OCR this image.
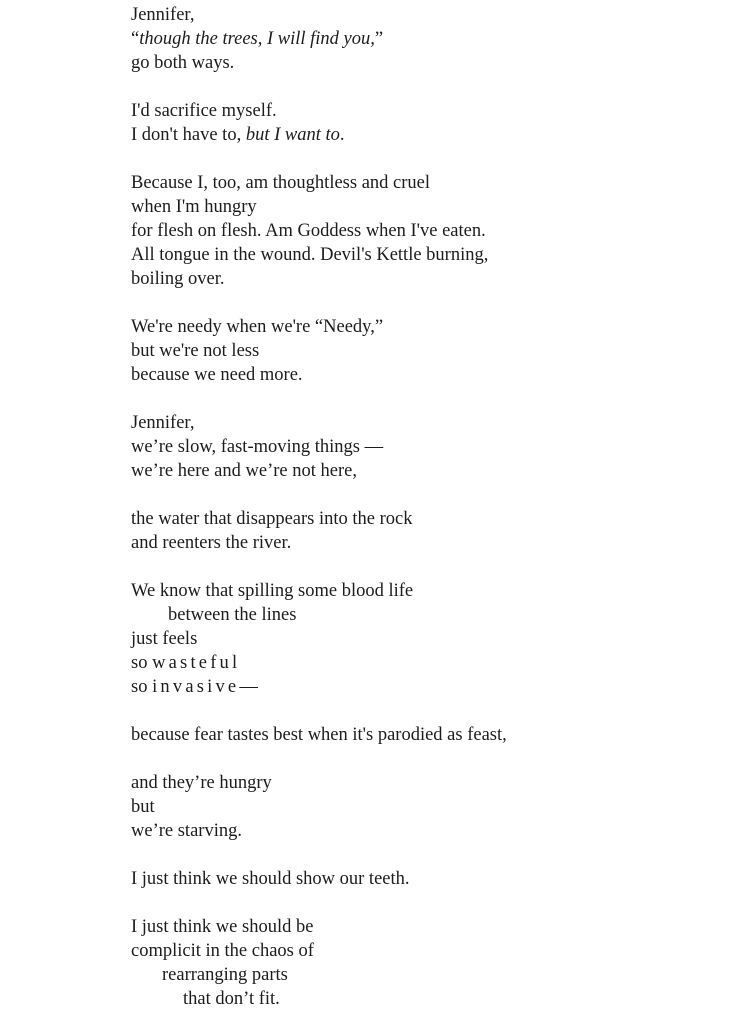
Jennifer,
“though the trees, I will find you,”
go both ways.
I'd sacrifice myself.
I don't have to, but I want to.
Because I, too, am thoughtless and cruel
when I'm hungry
for flesh on flesh. Am Goddess when I've eaten.
All tongue in the wound. Devil's Kettle burning,
boiling over.
We're needy when we're “Needy,”
but we're not less
because we need more.
Jennifer,
we’re slow, fast-moving things —
we’re here and we’re not here,
the water that disappears into the rock
and reenters the river.
We know that spilling some blood life
between the lines
just feels
so wasteful
so invasive—
because fear tastes best when it's parodied as feast,
and they’re hungry
but
we’re starving.
I just think we should show our teeth.
I just think we should be
complicit in the chaos of
rearranging parts
that don’t fit.
